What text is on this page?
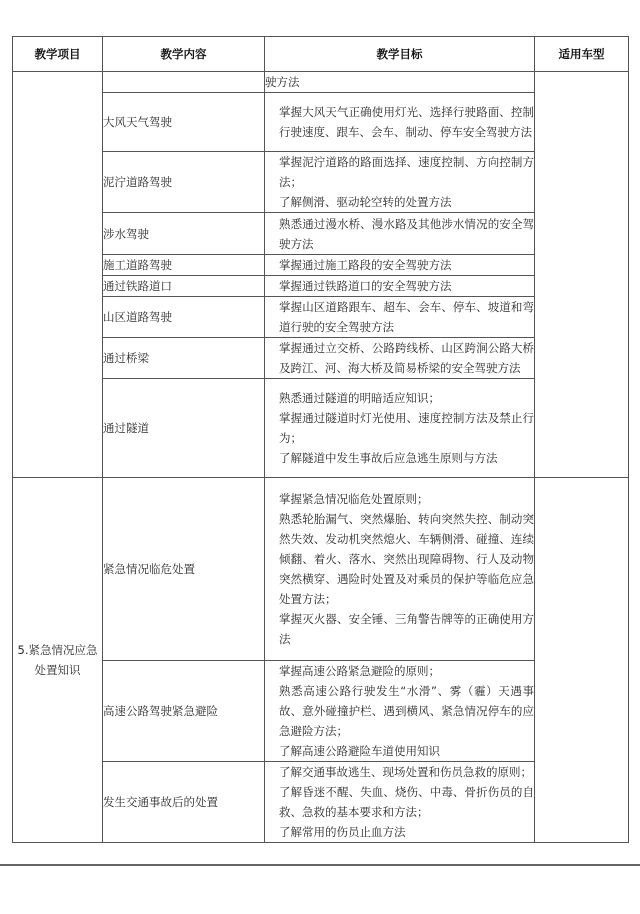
教学项目	教学内容	教学目标	适用车型

		驶方法	

	大风天气驾驶	掌握大风天气正确使用灯光、选择行驶路面、控制行驶速度、跟车、会车、制动、停车安全驾驶方法	

	泥泞道路驾驶	掌握泥泞道路的路面选择、速度控制、方向控制方法；
了解侧滑、驱动轮空转的处置方法	

	涉水驾驶	熟悉通过漫水桥、漫水路及其他涉水情况的安全驾驶方法	

	施工道路驾驶	掌握通过施工路段的安全驾驶方法	

	通过铁路道口	掌握通过铁路道口的安全驾驶方法	

	山区道路驾驶	掌握山区道路跟车、超车、会车、停车、坡道和弯道行驶的安全驾驶方法	

	通过桥梁	掌握通过立交桥、公路跨线桥、山区跨涧公路大桥及跨江、河、海大桥及简易桥梁的安全驾驶方法	

	通过隧道	熟悉通过隧道的明暗适应知识；
掌握通过隧道时灯光使用、速度控制方法及禁止行为；
了解隧道中发生事故后应急逃生原则与方法	

5.紧急情况应急处置知识	紧急情况临危处置	掌握紧急情况临危处置原则；
熟悉轮胎漏气、突然爆胎、转向突然失控、制动突然失效、发动机突然熄火、车辆侧滑、碰撞、连续倾翻、着火、落水、突然出现障碍物、行人及动物突然横穿、遇险时处置及对乘员的保护等临危应急处置方法；
掌握灭火器、安全锤、三角警告牌等的正确使用方法	

	高速公路驾驶紧急避险	掌握高速公路紧急避险的原则；
熟悉高速公路行驶发生“水滑”、雾（霾）天遇事故、意外碰撞护栏、遇到横风、紧急情况停车的应急避险方法；
了解高速公路避险车道使用知识	

	发生交通事故后的处置	了解交通事故逃生、现场处置和伤员急救的原则；
了解昏迷不醒、失血、烧伤、中毒、骨折伤员的自救、急救的基本要求和方法；
了解常用的伤员止血方法	
